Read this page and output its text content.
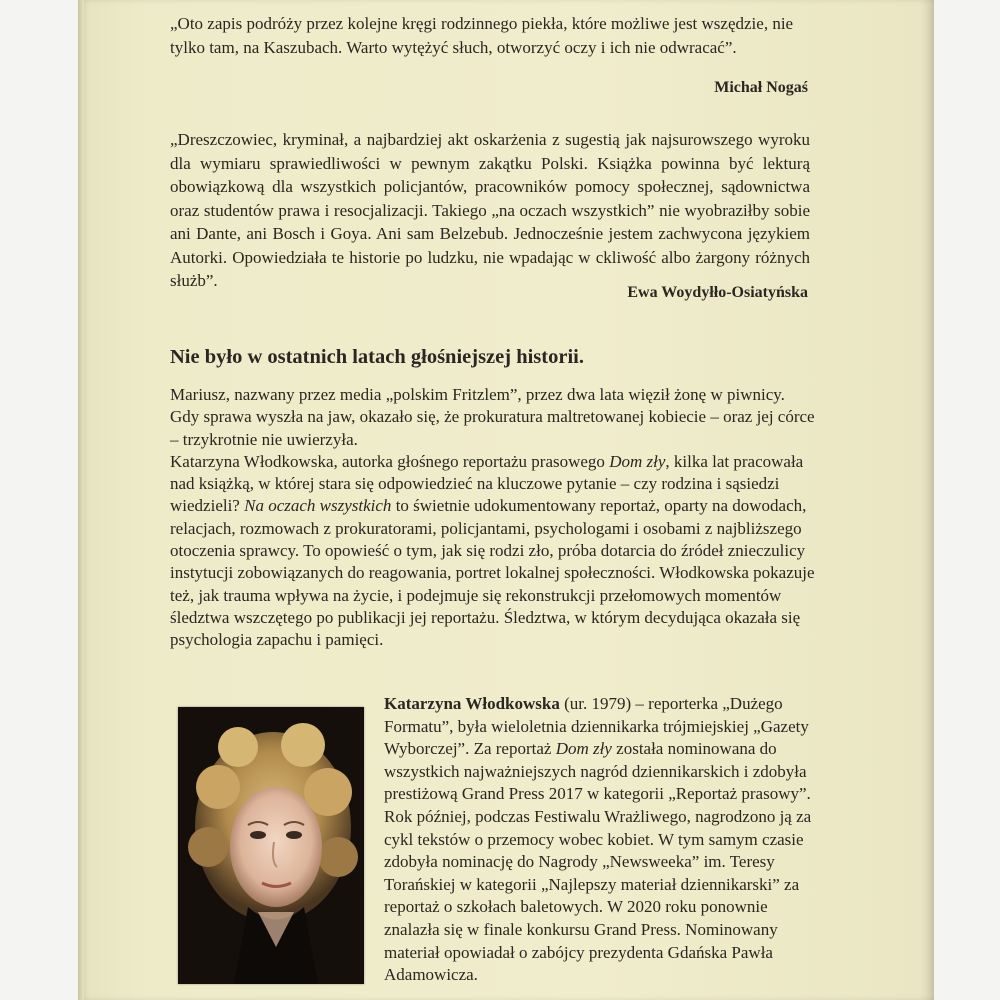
„Oto zapis podróży przez kolejne kręgi rodzinnego piekła, które możliwe jest wszędzie, nie tylko tam, na Kaszubach. Warto wytężyć słuch, otworzyć oczy i ich nie odwracać”.
Michał Nogaś
„Dreszczowiec, kryminał, a najbardziej akt oskarżenia z sugestią jak najsurowszego wyroku dla wymiaru sprawiedliwości w pewnym zakątku Polski. Książka powinna być lekturą obowiązkową dla wszystkich policjantów, pracowników pomocy społecznej, sądownictwa oraz studentów prawa i resocjalizacji. Takiego „na oczach wszystkich” nie wyobraziłby sobie ani Dante, ani Bosch i Goya. Ani sam Belzebub. Jednocześnie jestem zachwycona językiem Autorki. Opowiedziała te historie po ludzku, nie wpadając w ckliwość albo żargony różnych służb”.
Ewa Woydyłło-Osiatyńska
Nie było w ostatnich latach głośniejszej historii.

Mariusz, nazwany przez media „polskim Fritzlem”, przez dwa lata więził żonę w piwnicy. Gdy sprawa wyszła na jaw, okazało się, że prokuratura maltretowanej kobiecie – oraz jej córce – trzykrotnie nie uwierzyła.

Katarzyna Włodkowska, autorka głośnego reportażu prasowego Dom zły, kilka lat pracowała nad książką, w której stara się odpowiedzieć na kluczowe pytanie – czy rodzina i sąsiedzi wiedzieli? Na oczach wszystkich to świetnie udokumentowany reportaż, oparty na dowodach, relacjach, rozmowach z prokuratorami, policjantami, psychologami i osobami z najbliższego otoczenia sprawcy. To opowieść o tym, jak się rodzi zło, próba dotarcia do źródeł znieczulicy instytucji zobowiązanych do reagowania, portret lokalnej społeczności. Włodkowska pokazuje też, jak trauma wpływa na życie, i podejmuje się rekonstrukcji przełomowych momentów śledztwa wszczętego po publikacji jej reportażu. Śledztwa, w którym decydująca okazała się psychologia zapachu i pamięci.

Katarzyna Włodkowska (ur. 1979) – reporterka „Dużego Formatu”, była wieloletnia dziennikarka trójmiejskiej „Gazety Wyborczej”. Za reportaż Dom zły została nominowana do wszystkich najważniejszych nagród dziennikarskich i zdobyła prestiżową Grand Press 2017 w kategorii „Reportaż prasowy”. Rok później, podczas Festiwalu Wrażliwego, nagrodzono ją za cykl tekstów o przemocy wobec kobiet. W tym samym czasie zdobyła nominację do Nagrody „Newsweeka” im. Teresy Torańskiej w kategorii „Najlepszy materiał dziennikarski” za reportaż o szkołach baletowych. W 2020 roku ponownie znalazła się w finale konkursu Grand Press. Nominowany materiał opowiadał o zabójcy prezydenta Gdańska Pawła Adamowicza.
